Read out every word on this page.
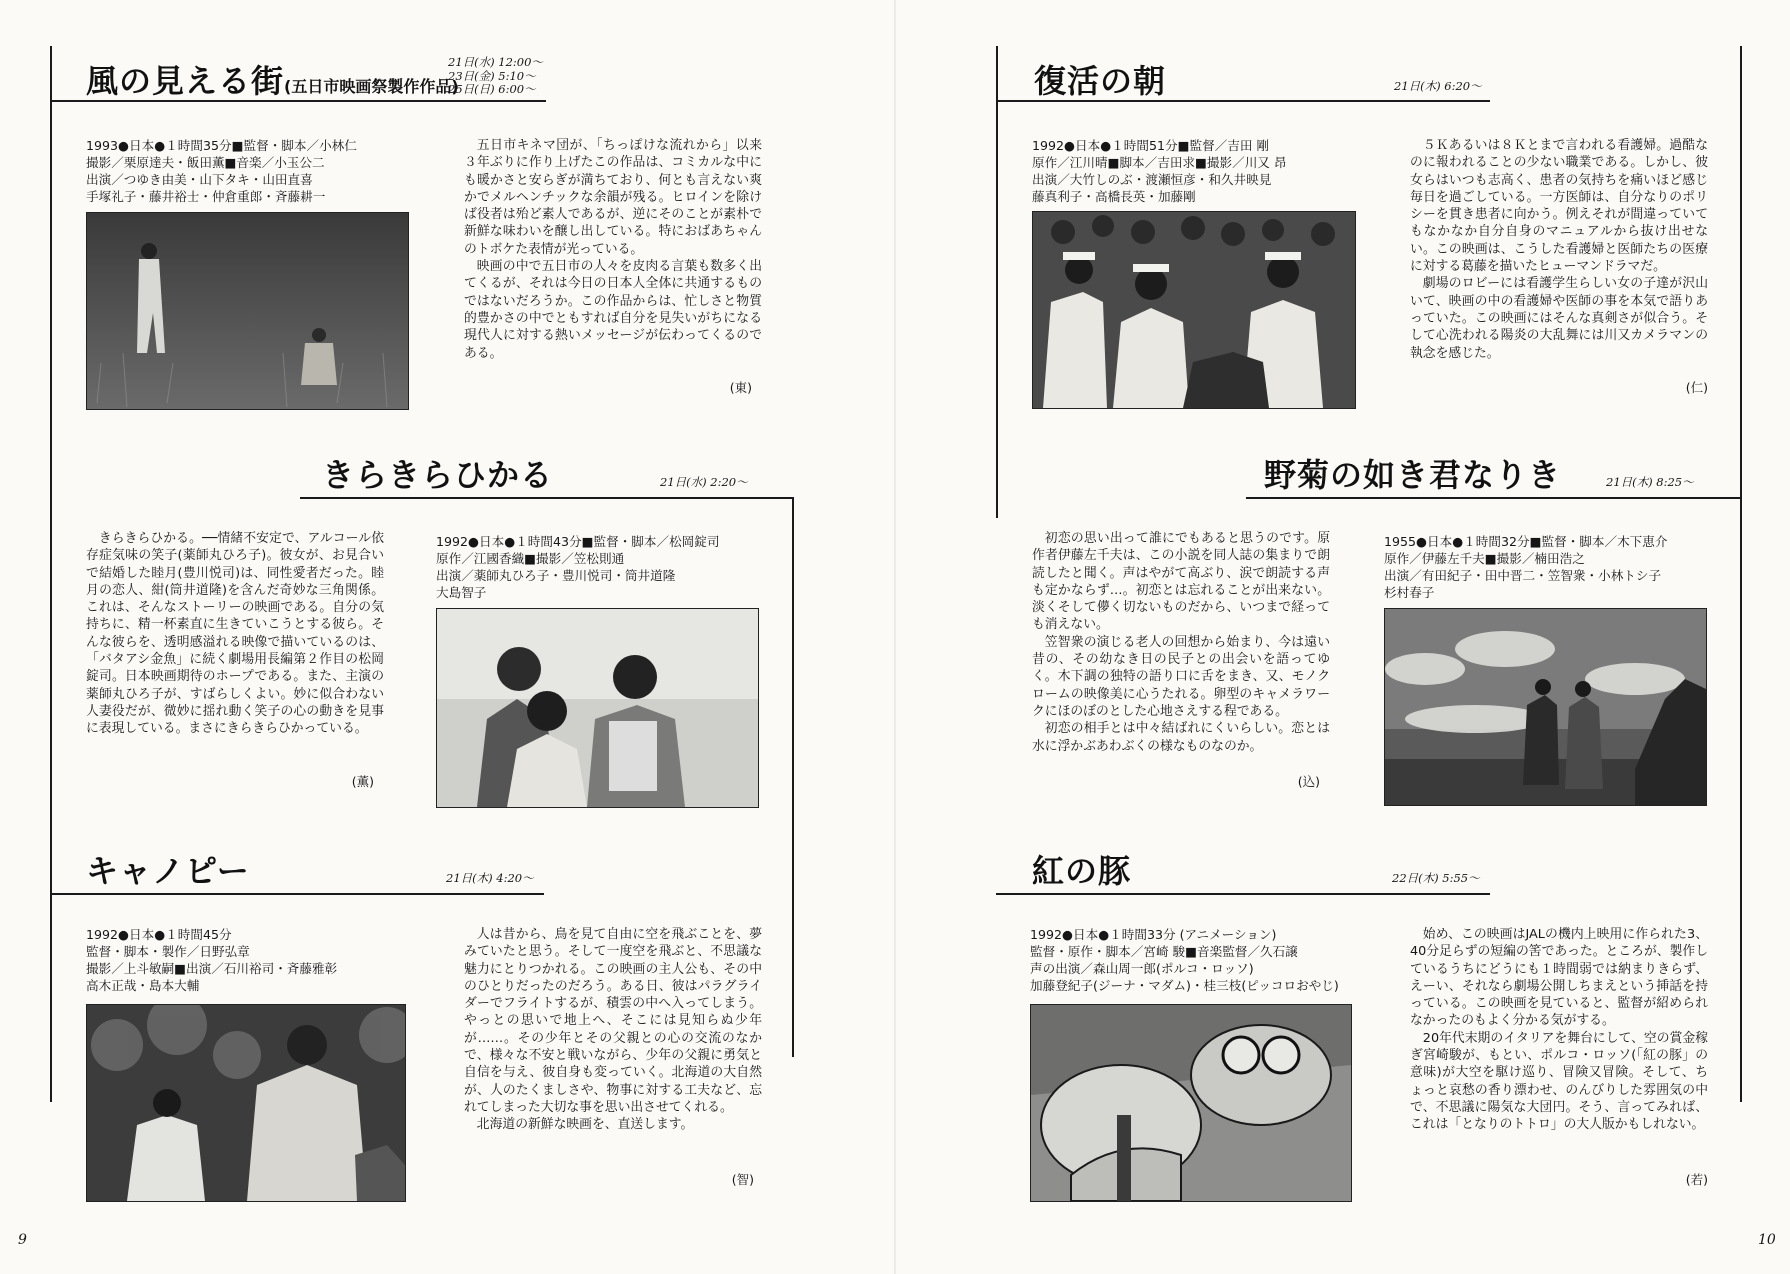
風の見える街(五日市映画祭製作作品)
21日(水) 12:00〜
23日(金) 5:10〜
25日(日) 6:00〜
1993●日本●１時間35分■監督・脚本／小林仁
撮影／栗原達夫・飯田薫■音楽／小玉公二
出演／つゆき由美・山下タキ・山田直喜
手塚礼子・藤井裕士・仲倉重郎・斉藤耕一

五日市キネマ団が、「ちっぽけな流れから」以来３年ぶりに作り上げたこの作品は、コミカルな中にも暖かさと安らぎが満ちており、何とも言えない爽かでメルヘンチックな余韻が残る。ヒロインを除けば役者は殆ど素人であるが、逆にそのことが素朴で新鮮な味わいを醸し出している。特におばあちゃんのトボケた表情が光っている。

映画の中で五日市の人々を皮肉る言葉も数多く出てくるが、それは今日の日本人全体に共通するものではないだろうか。この作品からは、忙しさと物質的豊かさの中でともすれば自分を見失いがちになる現代人に対する熱いメッセージが伝わってくるのである。

(東)
きらきらひかる	21日(水) 2:20〜

きらきらひかる。──情緒不安定で、アルコール依存症気味の笑子(薬師丸ひろ子)。彼女が、お見合いで結婚した睦月(豊川悦司)は、同性愛者だった。睦月の恋人、紺(筒井道隆)を含んだ奇妙な三角関係。これは、そんなストーリーの映画である。自分の気持ちに、精一杯素直に生きていこうとする彼ら。そんな彼らを、透明感溢れる映像で描いているのは、「バタアシ金魚」に続く劇場用長編第２作目の松岡錠司。日本映画期待のホープである。また、主演の薬師丸ひろ子が、すばらしくよい。妙に似合わない人妻役だが、微妙に揺れ動く笑子の心の動きを見事に表現している。まさにきらきらひかっている。

(薫)
1992●日本●１時間43分■監督・脚本／松岡錠司
原作／江國香織■撮影／笠松則通
出演／薬師丸ひろ子・豊川悦司・筒井道隆
大島智子
キャノピー	21日(木) 4:20〜
1992●日本●１時間45分
監督・脚本・製作／日野弘章
撮影／上斗敏嗣■出演／石川裕司・斉藤雅彰
高木正哉・島本大輔

人は昔から、鳥を見て自由に空を飛ぶことを、夢みていたと思う。そして一度空を飛ぶと、不思議な魅力にとりつかれる。この映画の主人公も、その中のひとりだったのだろう。ある日、彼はパラグライダーでフライトするが、積雲の中へ入ってしまう。やっとの思いで地上へ、そこには見知らぬ少年が……。その少年とその父親との心の交流のなかで、様々な不安と戦いながら、少年の父親に勇気と自信を与え、彼自身も変っていく。北海道の大自然が、人のたくましさや、物事に対する工夫など、忘れてしまった大切な事を思い出させてくれる。

北海道の新鮮な映画を、直送します。

(智)
9
復活の朝	21日(木) 6:20〜
1992●日本●１時間51分■監督／吉田 剛
原作／江川晴■脚本／吉田求■撮影／川又 昂
出演／大竹しのぶ・渡瀬恒彦・和久井映見
藤真利子・高橋長英・加藤剛

５Ｋあるいは８Ｋとまで言われる看護婦。過酷なのに報われることの少ない職業である。しかし、彼女らはいつも志高く、患者の気持ちを痛いほど感じ毎日を過ごしている。一方医師は、自分なりのポリシーを貫き患者に向かう。例えそれが間違っていてもなかなか自分自身のマニュアルから抜け出せない。この映画は、こうした看護婦と医師たちの医療に対する葛藤を描いたヒューマンドラマだ。

劇場のロビーには看護学生らしい女の子達が沢山いて、映画の中の看護婦や医師の事を本気で語りあっていた。この映画にはそんな真剣さが似合う。そして心洗われる陽炎の大乱舞には川又カメラマンの執念を感じた。

(仁)
野菊の如き君なりき	21日(木) 8:25〜

初恋の思い出って誰にでもあると思うのです。原作者伊藤左千夫は、この小説を同人誌の集まりで朗読したと聞く。声はやがて高ぶり、涙で朗読する声も定かならず…。初恋とは忘れることが出来ない。淡くそして儚く切ないものだから、いつまで経っても消えない。

笠智衆の演じる老人の回想から始まり、今は遠い昔の、その幼なき日の民子との出会いを語ってゆく。木下調の独特の語り口に舌をまき、又、モノクロームの映像美に心うたれる。卵型のキャメラワークにほのぼのとした心地さえする程である。

初恋の相手とは中々結ばれにくいらしい。恋とは水に浮かぶあわぶくの様なものなのか。

(込)
1955●日本●１時間32分■監督・脚本／木下恵介
原作／伊藤左千夫■撮影／楠田浩之
出演／有田紀子・田中晋二・笠智衆・小林トシ子
杉村春子
紅の豚	22日(木) 5:55〜
1992●日本●１時間33分 (アニメーション)
監督・原作・脚本／宮崎 駿■音楽監督／久石譲
声の出演／森山周一郎(ポルコ・ロッソ)
加藤登紀子(ジーナ・マダム)・桂三枝(ピッコロおやじ)

始め、この映画はJALの機内上映用に作られた3、40分足らずの短編の筈であった。ところが、製作しているうちにどうにも１時間弱では納まりきらず、えーい、それなら劇場公開しちまえという挿話を持っている。この映画を見ていると、監督が紹められなかったのもよく分かる気がする。

20年代末期のイタリアを舞台にして、空の賞金稼ぎ宮崎駿が、もとい、ポルコ・ロッソ(「紅の豚」の意味)が大空を駆け巡り、冒険又冒険。そして、ちょっと哀愁の香り漂わせ、のんびりした雰囲気の中で、不思議に陽気な大団円。そう、言ってみれば、これは「となりのトトロ」の大人版かもしれない。

(若)
10
